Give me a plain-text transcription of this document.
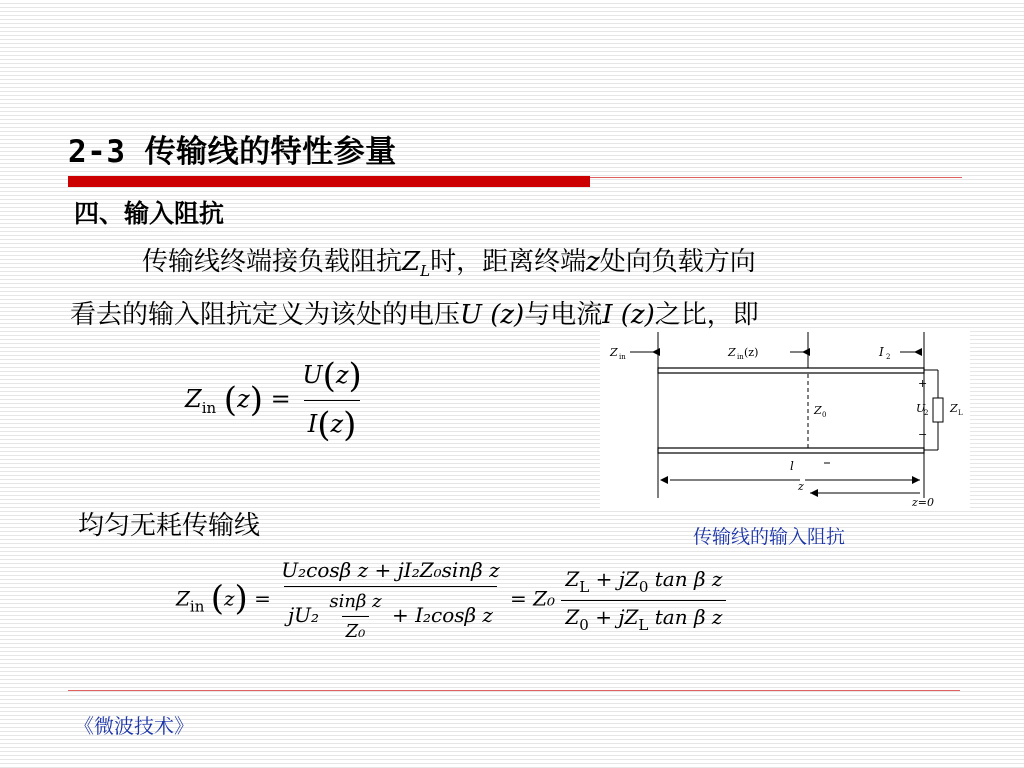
2-3 传输线的特性参量
四、输入阻抗
传输线终端接负载阻抗$Z_L$时，距离终端z处向负载方向
看去的输入阻抗定义为该处的电压U (z)与电流I (z)之比，即
$Z_{in}$ $(z) = \frac{U(z)}{I(z)}$
Z in	Z in (z)	I 2
+
U
2
−
Z L
Z 0
l
z
z=0
传输线的输入阻抗
均匀无耗传输线
$Z_{in}$ $(z) = \frac{\text{U₂cosβ z + jI₂Z₀sinβ z}}{jU_2 \frac{\text{sinβ z}}{\text{Z₀}} + I_2\cos\beta z} = Z_0 \frac{Z_L + jZ_0 \tan \beta z}{Z_0 + jZ_L \tan \beta z}$
《微波技术》
